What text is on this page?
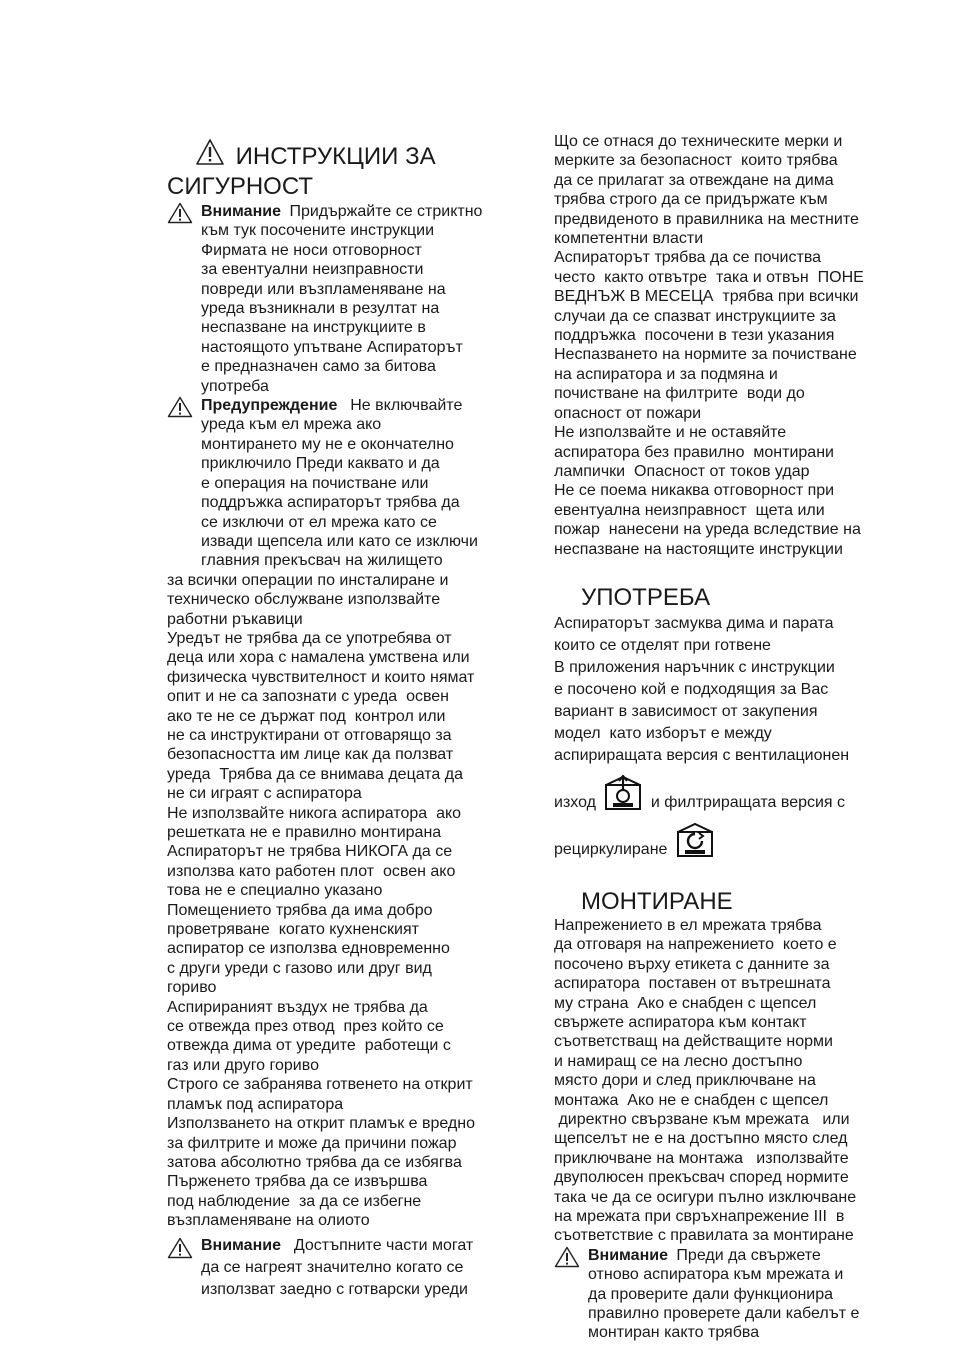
ИНСТРУКЦИИ ЗА
СИГУРНОСТ
Внимание Придържайте се стриктно
към тук посочените инструкции
Фирмата не носи отговорност
за евентуални неизправности
повреди или възпламеняване на
уреда възникнали в резултат на
неспазване на инструкциите в
настоящото упътване Аспираторът
е предназначен само за битова
употреба
Предупреждение  Не включвайте
уреда към ел мрежа ако
монтирането му не е окончателно
приключило Преди каквато и да
е операция на почистване или
поддръжка аспираторът трябва да
се изключи от ел мрежа като се
извади щепсела или като се изключи
главния прекъсвач на жилището
за всички операции по инсталиране и
техническо обслужване използвайте
работни ръкавици
Уредът не трябва да се употребява от
деца или хора с намалена умствена или
физическа чувствителност и които нямат
опит и не са запознати с уреда  освен
ако те не се държат под  контрол или
не са инструктирани от отговарящо за
безопасността им лице как да ползват
уреда  Трябва да се внимава децата да
не си играят с аспиратора
Не използвайте никога аспиратора  ако
решетката не е правилно монтирана
Аспираторът не трябва НИКОГА да се
използва като работен плот  освен ако
това не е специално указано
Помещението трябва да има добро
проветряване  когато кухненският
аспиратор се използва едновременно
с други уреди с газово или друг вид
гориво
Аспирираният въздух не трябва да
се отвежда през отвод  през който се
отвежда дима от уредите  работещи с
газ или друго гориво
Строго се забранява готвенето на открит
пламък под аспиратора
Използването на открит пламък е вредно
за филтрите и може да причини пожар
затова абсолютно трябва да се избягва
Пърженето трябва да се извършва
под наблюдение  за да се избегне
възпламеняване на олиото
Внимание  Достъпните части могат
да се нагреят значително когато се
използват заедно с готварски уреди
Що се отнася до техническите мерки и
мерките за безопасност  които трябва
да се прилагат за отвеждане на дима
трябва строго да се придържате към
предвиденото в правилника на местните
компетентни власти
Аспираторът трябва да се почиства
често  както отвътре  така и отвън  ПОНЕ
ВЕДНЪЖ В МЕСЕЦА  трябва при всички
случаи да се спазват инструкциите за
поддръжка  посочени в тези указания
Неспазването на нормите за почистване
на аспиратора и за подмяна и
почистване на филтрите  води до
опасност от пожари
Не използвайте и не оставяйте
аспиратора без правилно  монтирани
лампички  Опасност от токов удар
Не се поема никаква отговорност при
евентуална неизправност  щета или
пожар  нанесени на уреда вследствие на
неспазване на настоящите инструкции
УПОТРЕБА
Аспираторът засмуква дима и парата
които се отделят при готвене
В приложения наръчник с инструкции
е посочено кой е подходящия за Вас
вариант в зависимост от закупения
модел  като изборът е между
аспириращата версия с вентилационен
изход	и филтриращата версия с
рециркулиране
МОНТИРАНЕ
Напрежението в ел мрежата трябва
да отговаря на напрежението  което е
посочено върху етикета с данните за
аспиратора  поставен от вътрешната
му страна  Ако е снабден с щепсел
свържете аспиратора към контакт
съответстващ на действащите норми
и намиращ се на лесно достъпно
място дори и след приключване на
монтажа  Ако не е снабден с щепсел
директно свързване към мрежата   или
щепселът не е на достъпно място след
приключване на монтажа   използвайте
двуполюсен прекъсвач според нормите
така че да се осигури пълно изключване
на мрежата при свръхнапрежение III  в
съответствие с правилата за монтиране
Внимание Преди да свържете
отново аспиратора към мрежата и
да проверите дали функционира
правилно проверете дали кабелът е
монтиран както трябва
